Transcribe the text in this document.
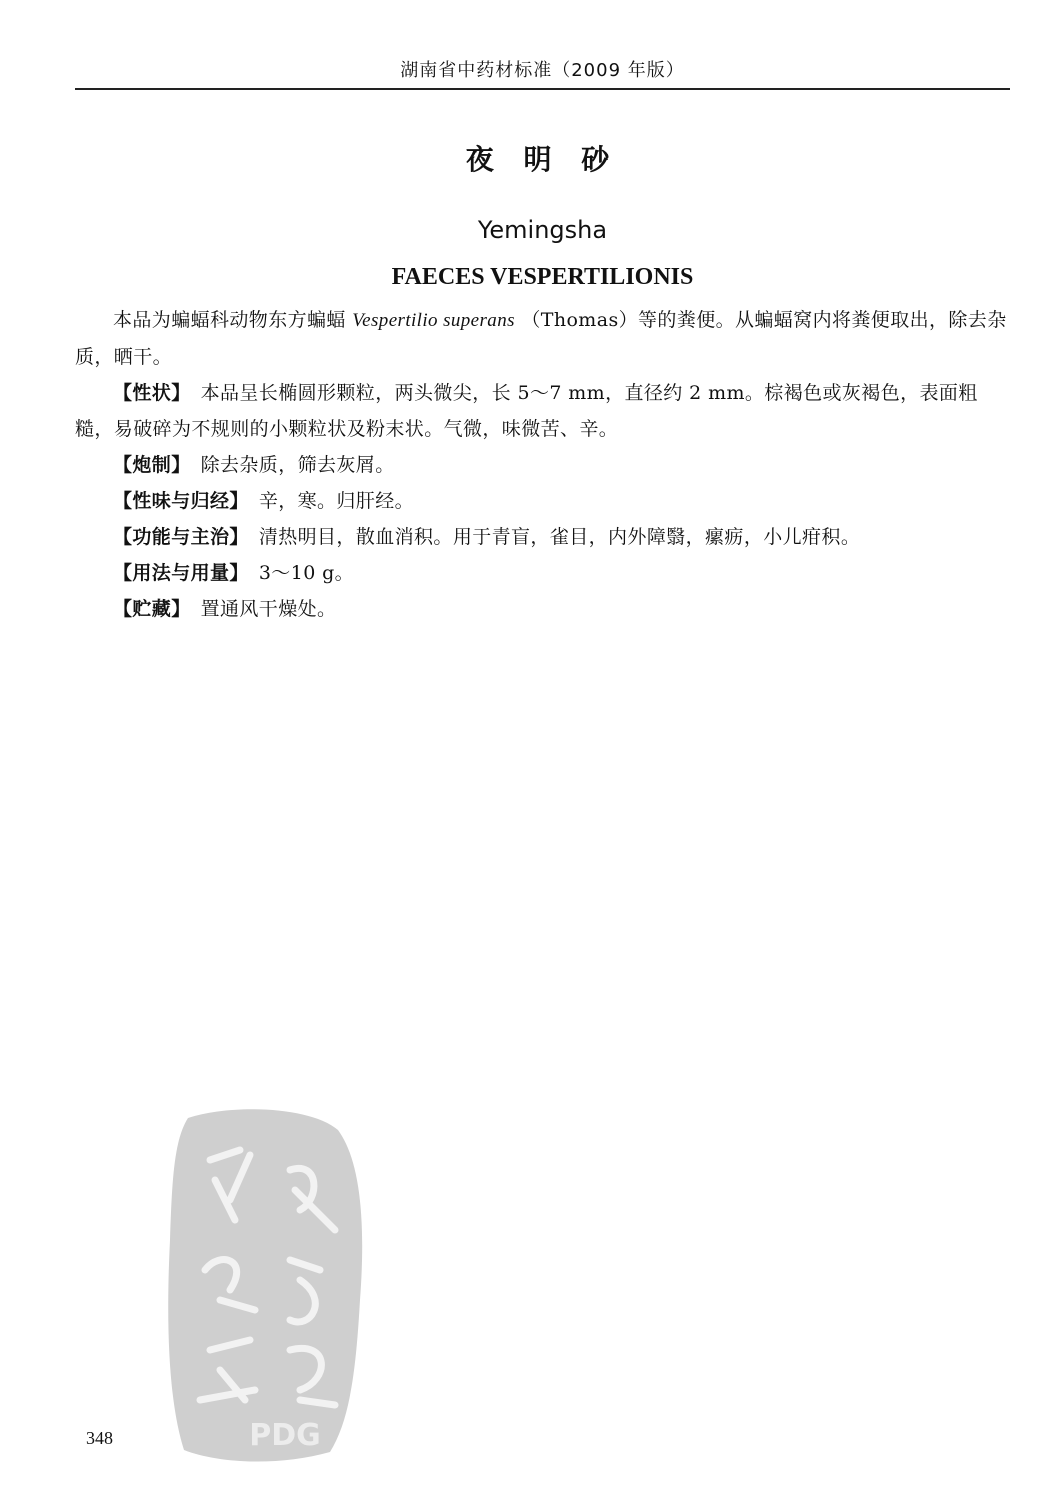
湖南省中药材标准（2009 年版）
夜 明 砂
Yemingsha
FAECES VESPERTILIONIS

本品为蝙蝠科动物东方蝙蝠 Vespertilio superans （Thomas）等的粪便。从蝙蝠窝内将粪便取出，除去杂质，晒干。

【性状】 本品呈长椭圆形颗粒，两头微尖，长 5～7 mm，直径约 2 mm。棕褐色或灰褐色，表面粗糙，易破碎为不规则的小颗粒状及粉末状。气微，味微苦、辛。

【炮制】 除去杂质，筛去灰屑。

【性味与归经】 辛，寒。归肝经。

【功能与主治】 清热明目，散血消积。用于青盲，雀目，内外障翳，瘰疬，小儿疳积。

【用法与用量】 3～10 g。

【贮藏】 置通风干燥处。

PDG
348
